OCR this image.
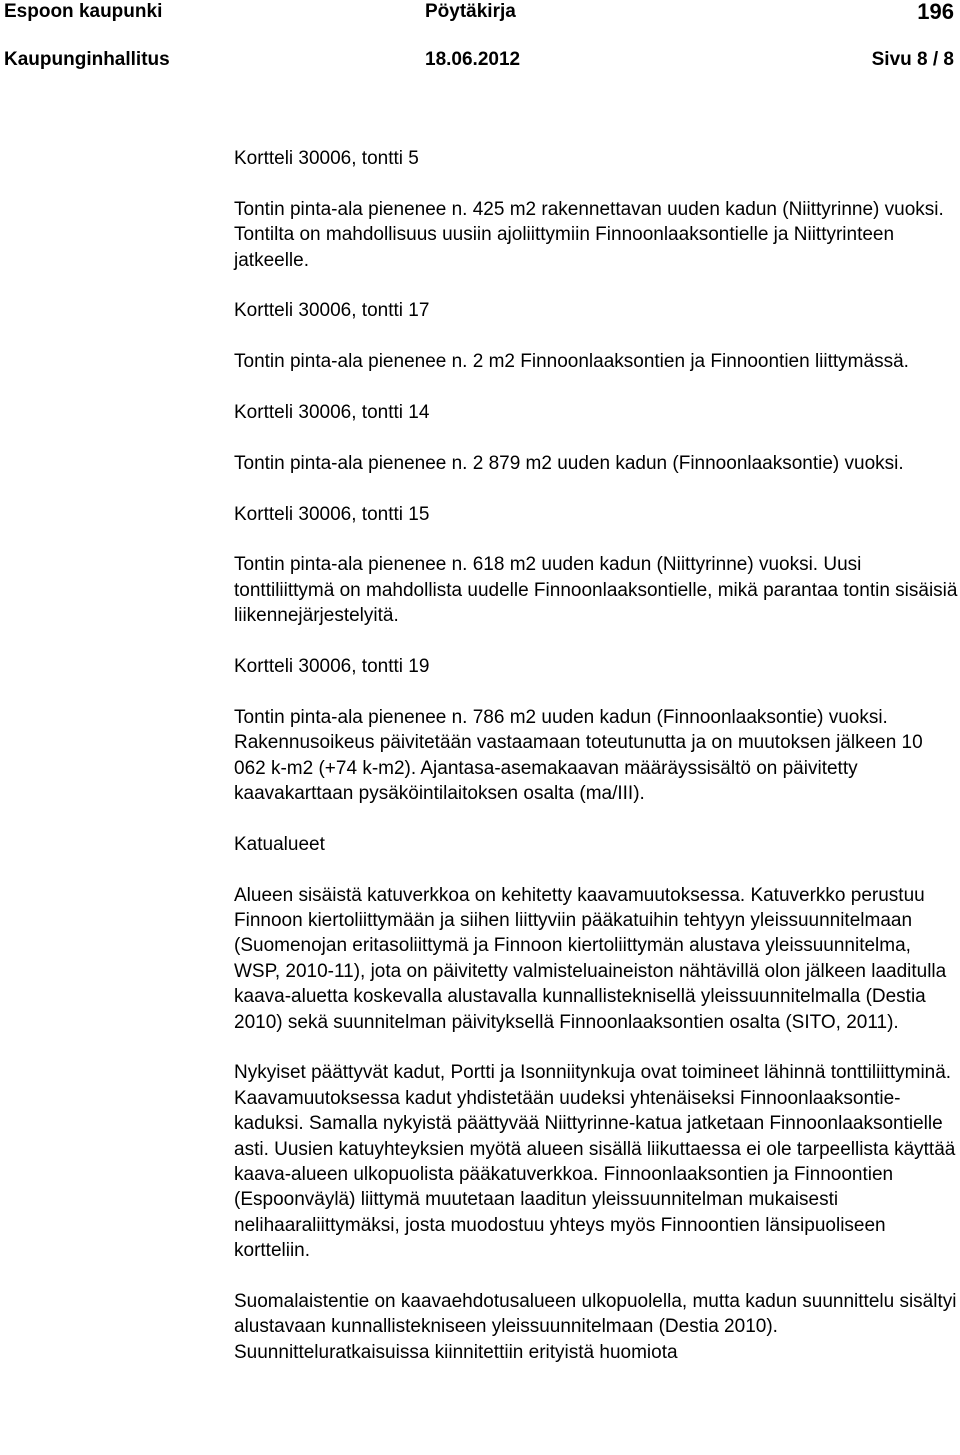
Espoon kaupunki	Pöytäkirja	196
Kaupunginhallitus	18.06.2012	Sivu 8 / 8

Kortteli 30006, tontti 5

Tontin pinta-ala pienenee n. 425 m2 rakennettavan uuden kadun (Niittyrinne) vuoksi. Tontilta on mahdollisuus uusiin ajoliittymiin Finnoonlaaksontielle ja Niittyrinteen jatkeelle.

Kortteli 30006, tontti 17

Tontin pinta-ala pienenee n. 2 m2 Finnoonlaaksontien ja Finnoontien liittymässä.

Kortteli 30006, tontti 14

Tontin pinta-ala pienenee n. 2 879 m2 uuden kadun (Finnoonlaaksontie) vuoksi.

Kortteli 30006, tontti 15

Tontin pinta-ala pienenee n. 618 m2 uuden kadun (Niittyrinne) vuoksi. Uusi tonttiliittymä on mahdollista uudelle Finnoonlaaksontielle, mikä parantaa tontin sisäisiä liikennejärjestelyitä.

Kortteli 30006, tontti 19

Tontin pinta-ala pienenee n. 786 m2 uuden kadun (Finnoonlaaksontie) vuoksi. Rakennusoikeus päivitetään vastaamaan toteutunutta ja on muutoksen jälkeen 10 062 k-m2 (+74 k-m2). Ajantasa-asemakaavan määräyssisältö on päivitetty kaavakarttaan pysäköintilaitoksen osalta (ma/III).

Katualueet

Alueen sisäistä katuverkkoa on kehitetty kaavamuutoksessa. Katuverkko perustuu Finnoon kiertoliittymään ja siihen liittyviin pääkatuihin tehtyyn yleissuunnitelmaan (Suomenojan eritasoliittymä ja Finnoon kiertoliittymän alustava yleissuunnitelma, WSP, 2010-11), jota on päivitetty valmisteluaineiston nähtävillä olon jälkeen laaditulla kaava-aluetta koskevalla alustavalla kunnallisteknisellä yleissuunnitelmalla (Destia 2010) sekä suunnitelman päivityksellä Finnoonlaaksontien osalta (SITO, 2011).

Nykyiset päättyvät kadut, Portti ja Isonniitynkuja ovat toimineet lähinnä tonttiliittyminä. Kaavamuutoksessa kadut yhdistetään uudeksi yhtenäiseksi Finnoonlaaksontie-kaduksi. Samalla nykyistä päättyvää Niittyrinne-katua jatketaan Finnoonlaaksontielle asti. Uusien katuyhteyksien myötä alueen sisällä liikuttaessa ei ole tarpeellista käyttää kaava-alueen ulkopuolista pääkatuverkkoa. Finnoonlaaksontien ja Finnoontien (Espoonväylä) liittymä muutetaan laaditun yleissuunnitelman mukaisesti nelihaaraliittymäksi, josta muodostuu yhteys myös Finnoontien länsipuoliseen kortteliin.

Suomalaistentie on kaavaehdotusalueen ulkopuolella, mutta kadun suunnittelu sisältyi alustavaan kunnallistekniseen yleissuunnitelmaan (Destia 2010). Suunnitteluratkaisuissa kiinnitettiin erityistä huomiota
